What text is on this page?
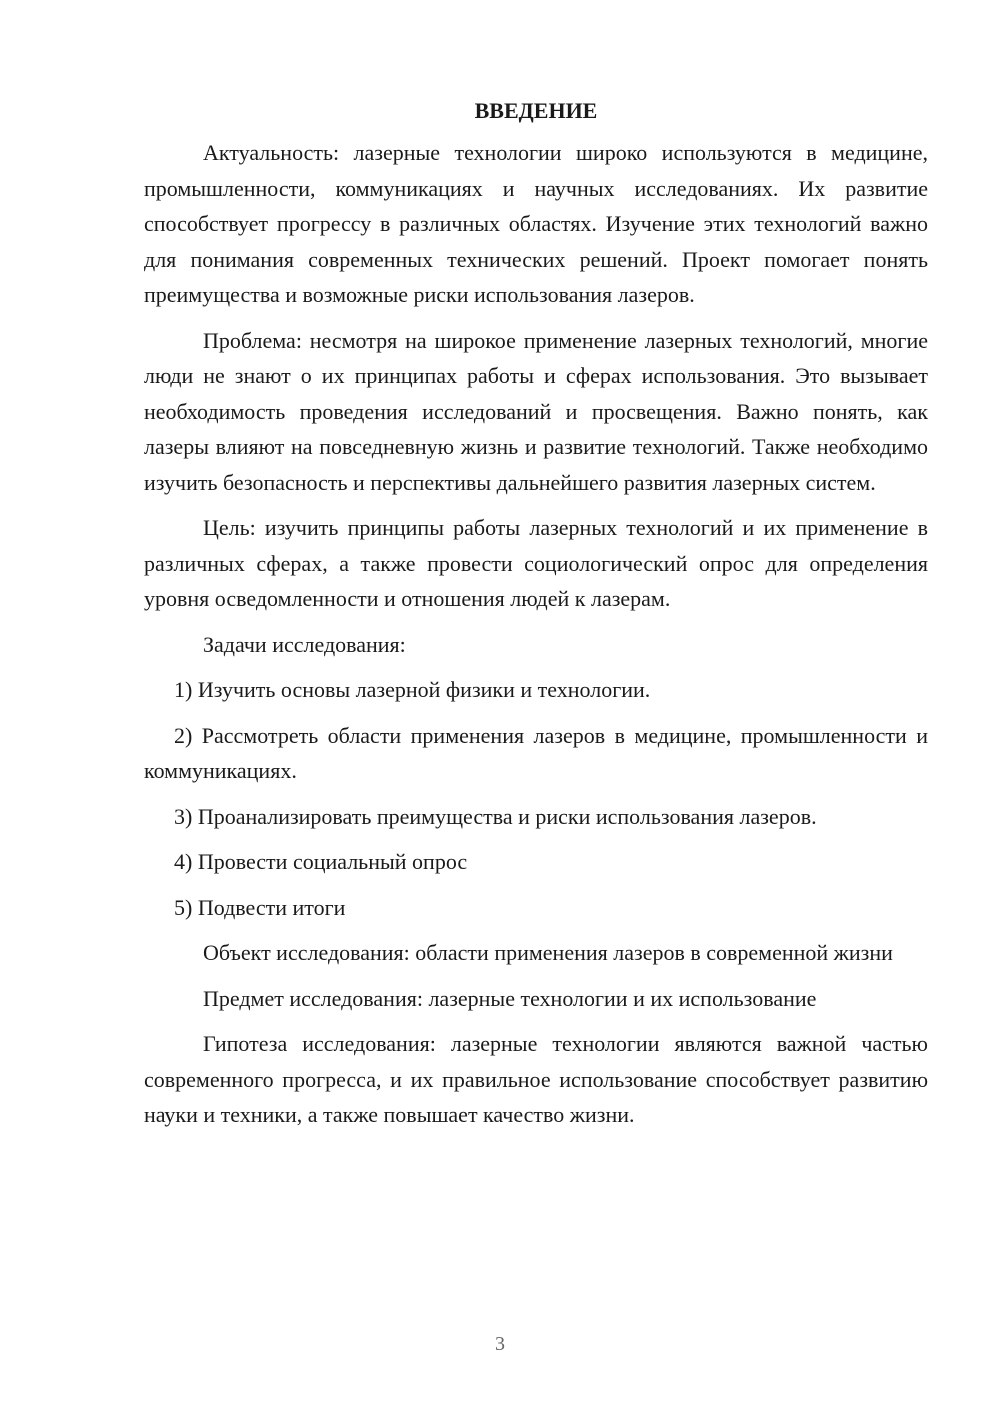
ВВЕДЕНИЕ

Актуальность: лазерные технологии широко используются в медицине, промышленности, коммуникациях и научных исследованиях. Их развитие способствует прогрессу в различных областях. Изучение этих технологий важно для понимания современных технических решений. Проект помогает понять преимущества и возможные риски использования лазеров.

Проблема: несмотря на широкое применение лазерных технологий, многие люди не знают о их принципах работы и сферах использования. Это вызывает необходимость проведения исследований и просвещения. Важно понять, как лазеры влияют на повседневную жизнь и развитие технологий. Также необходимо изучить безопасность и перспективы дальнейшего развития лазерных систем.

Цель: изучить принципы работы лазерных технологий и их применение в различных сферах, а также провести социологический опрос для определения уровня осведомленности и отношения людей к лазерам.

Задачи исследования:

1) Изучить основы лазерной физики и технологии.

2) Рассмотреть области применения лазеров в медицине, промышленности и коммуникациях.

3) Проанализировать преимущества и риски использования лазеров.

4) Провести социальный опрос

5) Подвести итоги

Объект исследования: области применения лазеров в современной жизни

Предмет исследования: лазерные технологии и их использование

Гипотеза исследования: лазерные технологии являются важной частью современного прогресса, и их правильное использование способствует развитию науки и техники, а также повышает качество жизни.

3
